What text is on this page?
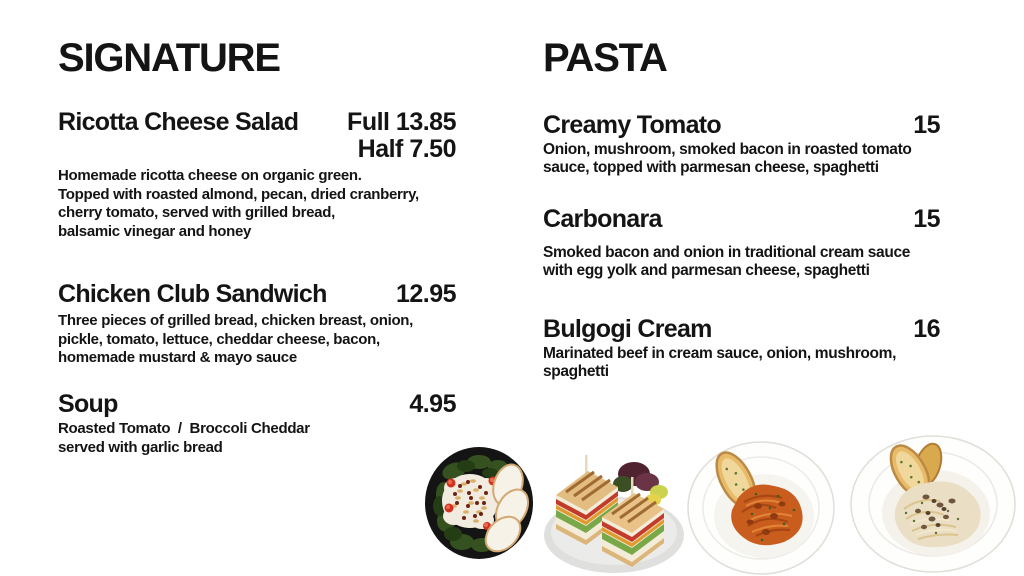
SIGNATURE
Ricotta Cheese Salad Full 13.85
Half 7.50
Homemade ricotta cheese on organic green.
Topped with roasted almond, pecan, dried cranberry,
cherry tomato, served with grilled bread,
balsamic vinegar and honey
Chicken Club Sandwich	12.95
Three pieces of grilled bread, chicken breast, onion,
pickle, tomato, lettuce, cheddar cheese, bacon,
homemade mustard & mayo sauce
Soup	4.95
Roasted Tomato  /  Broccoli Cheddar
served with garlic bread
PASTA
Creamy Tomato	15
Onion, mushroom, smoked bacon in roasted tomato
sauce, topped with parmesan cheese, spaghetti
Carbonara	15
Smoked bacon and onion in traditional cream sauce
with egg yolk and parmesan cheese, spaghetti
Bulgogi Cream	16
Marinated beef in cream sauce, onion, mushroom,
spaghetti
